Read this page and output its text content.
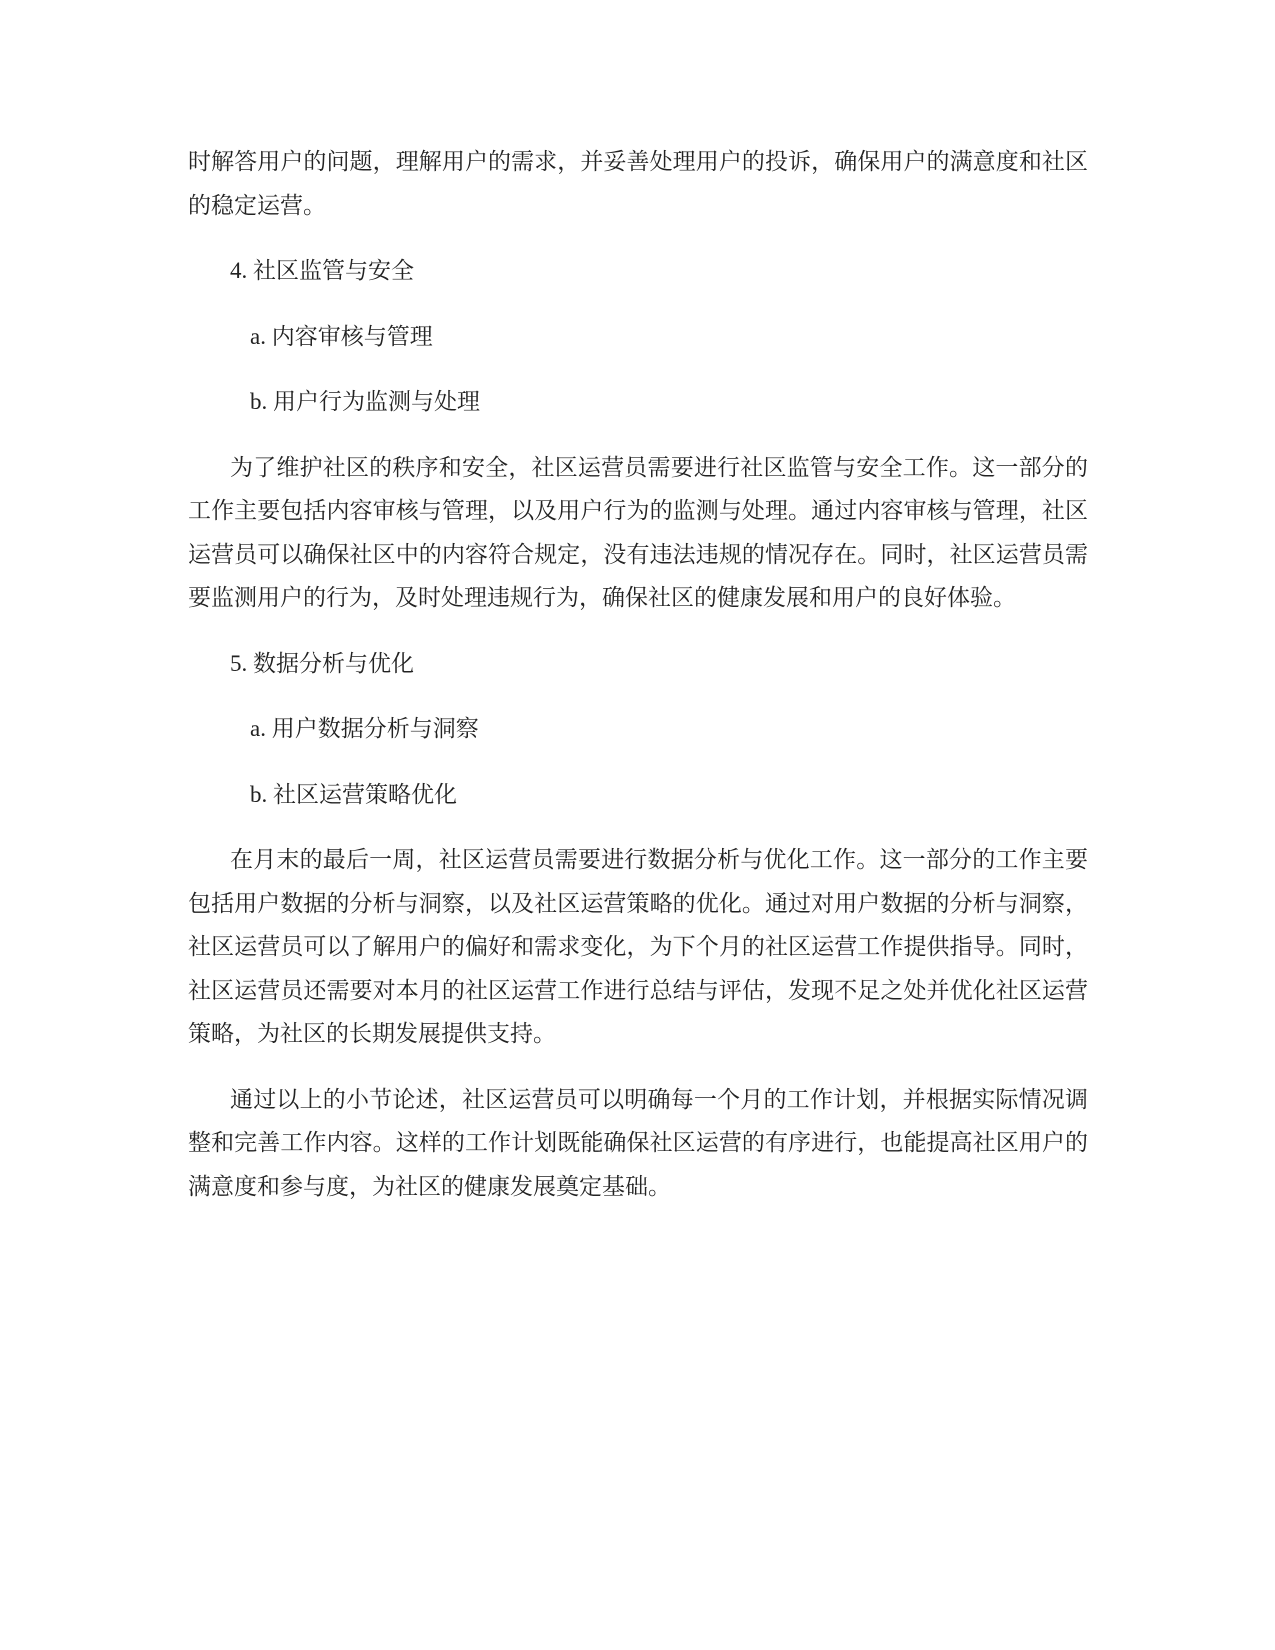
时解答用户的问题，理解用户的需求，并妥善处理用户的投诉，确保用户的满意度和社区的稳定运营。

4. 社区监管与安全

a. 内容审核与管理

b. 用户行为监测与处理

为了维护社区的秩序和安全，社区运营员需要进行社区监管与安全工作。这一部分的工作主要包括内容审核与管理，以及用户行为的监测与处理。通过内容审核与管理，社区运营员可以确保社区中的内容符合规定，没有违法违规的情况存在。同时，社区运营员需要监测用户的行为，及时处理违规行为，确保社区的健康发展和用户的良好体验。

5. 数据分析与优化

a. 用户数据分析与洞察

b. 社区运营策略优化

在月末的最后一周，社区运营员需要进行数据分析与优化工作。这一部分的工作主要包括用户数据的分析与洞察，以及社区运营策略的优化。通过对用户数据的分析与洞察，社区运营员可以了解用户的偏好和需求变化，为下个月的社区运营工作提供指导。同时，社区运营员还需要对本月的社区运营工作进行总结与评估，发现不足之处并优化社区运营策略，为社区的长期发展提供支持。

通过以上的小节论述，社区运营员可以明确每一个月的工作计划，并根据实际情况调整和完善工作内容。这样的工作计划既能确保社区运营的有序进行，也能提高社区用户的满意度和参与度，为社区的健康发展奠定基础。
